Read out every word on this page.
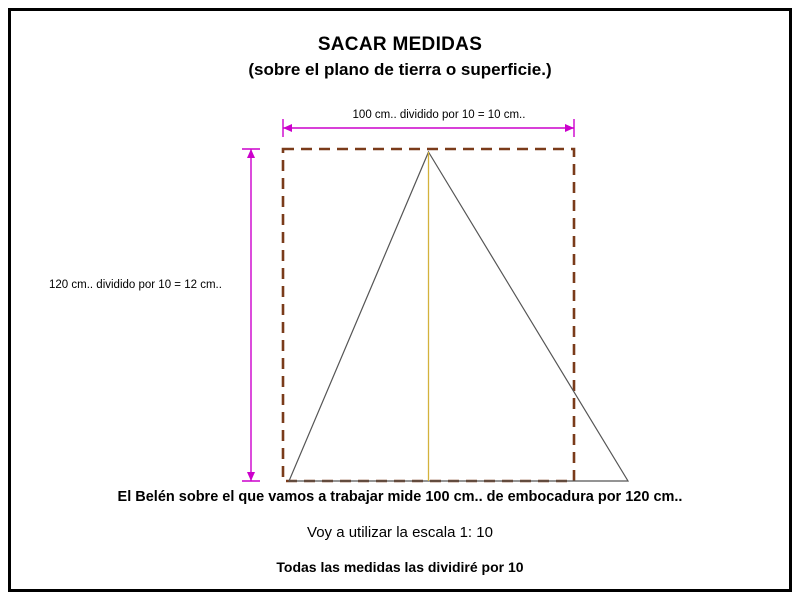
SACAR MEDIDAS
(sobre el plano de tierra o superficie.)
100 cm.. dividido por 10 = 10 cm..
120 cm.. dividido por 10 = 12 cm..
El Belén sobre el que vamos a trabajar mide 100 cm.. de embocadura por 120 cm..
Voy a utilizar la escala 1: 10
Todas las medidas las dividiré por 10
